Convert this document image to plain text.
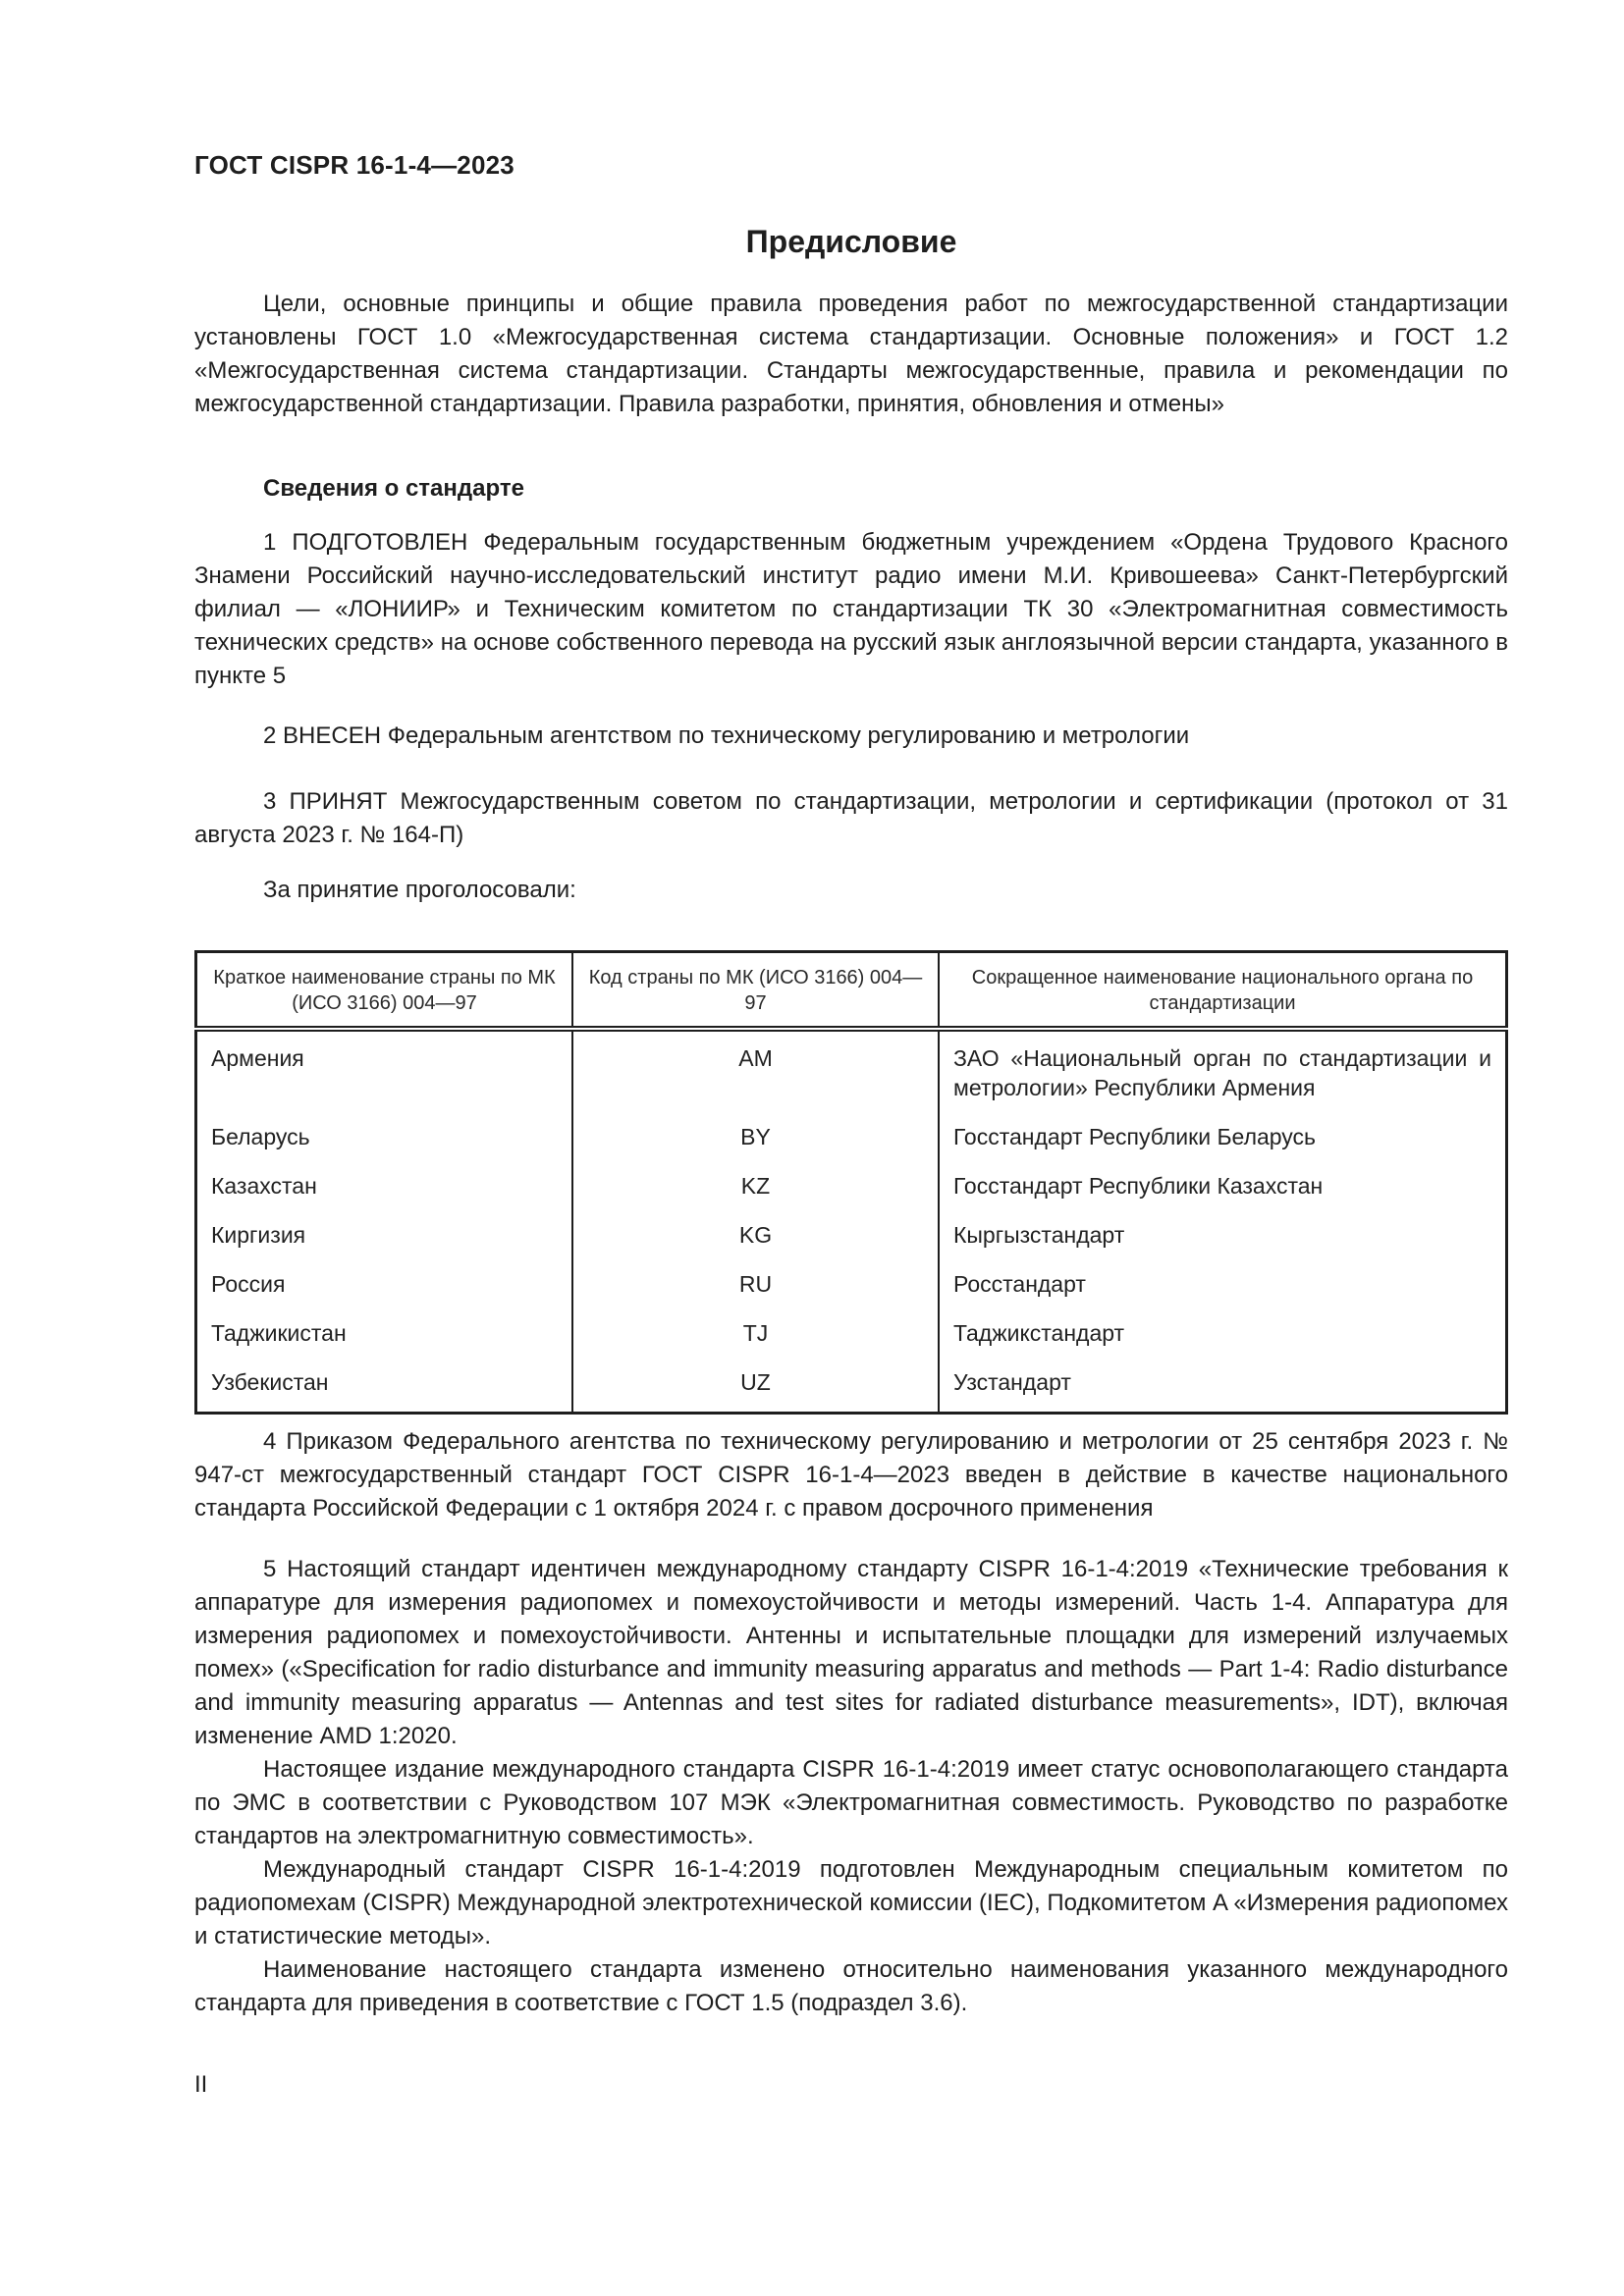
ГОСТ CISPR 16-1-4—2023
Предисловие

Цели, основные принципы и общие правила проведения работ по межгосударственной стандартизации установлены ГОСТ 1.0 «Межгосударственная система стандартизации. Основные положения» и ГОСТ 1.2 «Межгосударственная система стандартизации. Стандарты межгосударственные, правила и рекомендации по межгосударственной стандартизации. Правила разработки, принятия, обновления и отмены»

Сведения о стандарте

1 ПОДГОТОВЛЕН Федеральным государственным бюджетным учреждением «Ордена Трудового Красного Знамени Российский научно-исследовательский институт радио имени М.И. Кривошеева» Санкт-Петербургский филиал — «ЛОНИИР» и Техническим комитетом по стандартизации ТК 30 «Электромагнитная совместимость технических средств» на основе собственного перевода на русский язык англоязычной версии стандарта, указанного в пункте 5

2 ВНЕСЕН Федеральным агентством по техническому регулированию и метрологии

3 ПРИНЯТ Межгосударственным советом по стандартизации, метрологии и сертификации (протокол от 31 августа 2023 г. № 164-П)

За принятие проголосовали:

Краткое наименование страны по МК (ИСО 3166) 004—97	Код страны по МК (ИСО 3166) 004—97	Сокращенное наименование национального органа по стандартизации
Армения	AM	ЗАО «Национальный орган по стандартизации и метрологии» Республики Армения
Беларусь	BY	Госстандарт Республики Беларусь
Казахстан	KZ	Госстандарт Республики Казахстан
Киргизия	KG	Кыргызстандарт
Россия	RU	Росстандарт
Таджикистан	TJ	Таджикстандарт
Узбекистан	UZ	Узстандарт

4 Приказом Федерального агентства по техническому регулированию и метрологии от 25 сентября 2023 г. № 947-ст межгосударственный стандарт ГОСТ CISPR 16-1-4—2023 введен в действие в качестве национального стандарта Российской Федерации с 1 октября 2024 г. с правом досрочного применения

5 Настоящий стандарт идентичен международному стандарту CISPR 16-1-4:2019 «Технические требования к аппаратуре для измерения радиопомех и помехоустойчивости и методы измерений. Часть 1-4. Аппаратура для измерения радиопомех и помехоустойчивости. Антенны и испытательные площадки для измерений излучаемых помех» («Specification for radio disturbance and immunity measuring apparatus and methods — Part 1-4: Radio disturbance and immunity measuring apparatus — Antennas and test sites for radiated disturbance measurements», IDT), включая изменение AMD 1:2020.

Настоящее издание международного стандарта CISPR 16-1-4:2019 имеет статус основополагающего стандарта по ЭМС в соответствии с Руководством 107 МЭК «Электромагнитная совместимость. Руководство по разработке стандартов на электромагнитную совместимость».

Международный стандарт CISPR 16-1-4:2019 подготовлен Международным специальным комитетом по радиопомехам (CISPR) Международной электротехнической комиссии (IEC), Подкомитетом A «Измерения радиопомех и статистические методы».

Наименование настоящего стандарта изменено относительно наименования указанного международного стандарта для приведения в соответствие с ГОСТ 1.5 (подраздел 3.6).

II
